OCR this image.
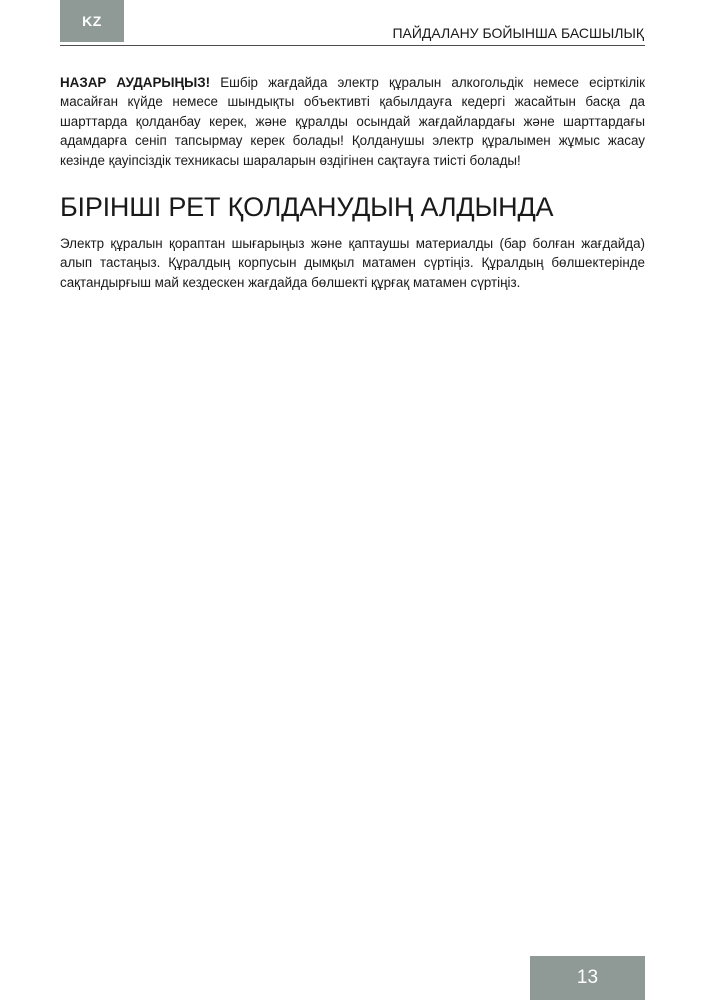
KZ
ПАЙДАЛАНУ БОЙЫНША БАСШЫЛЫҚ

НАЗАР АУДАРЫҢЫЗ! Ешбір жағдайда электр құралын алкогольдік немесе есірткілік масайған күйде немесе шындықты объективті қабылдауға кедергі жасайтын басқа да шарттарда қолданбау керек, және құралды осындай жағдайлардағы және шарттардағы адамдарға сеніп тапсырмау керек болады! Қолданушы электр құралымен жұмыс жасау кезінде қауіпсіздік техникасы шараларын өздігінен сақтауға тиісті болады!

БІРІНШІ РЕТ ҚОЛДАНУДЫҢ АЛДЫНДА

Электр құралын қораптан шығарыңыз және қаптаушы материалды (бар болған жағдайда) алып тастаңыз. Құралдың корпусын дымқыл матамен сүртіңіз. Құралдың бөлшектерінде сақтандырғыш май кездескен жағдайда бөлшекті құрғақ матамен сүртіңіз.

13
